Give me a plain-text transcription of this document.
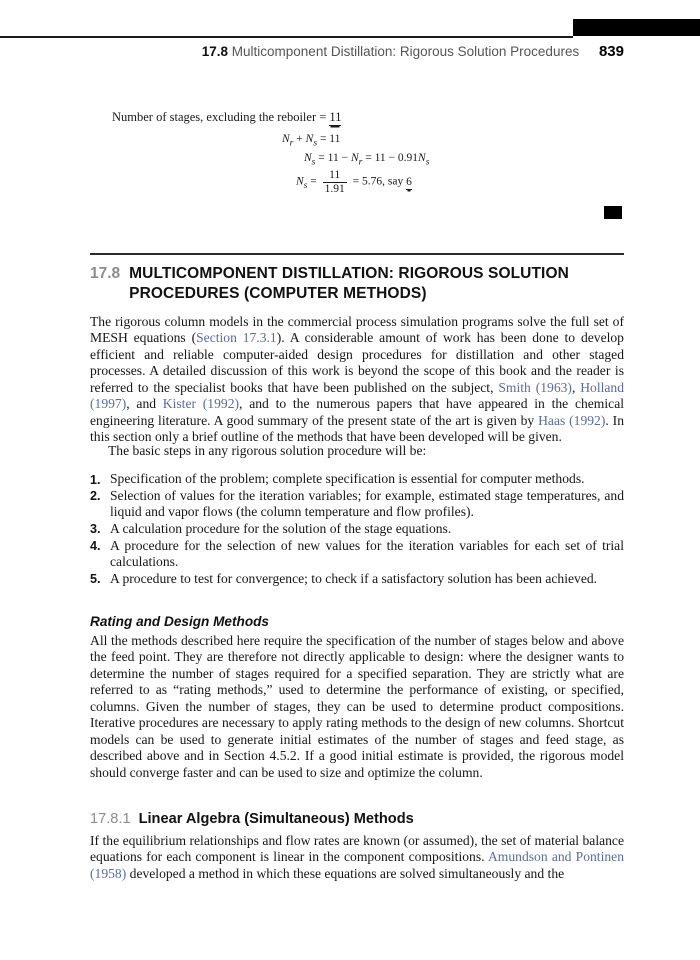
17.8 Multicomponent Distillation: Rigorous Solution Procedures 839
Number of stages, excluding the reboiler = 11
$N_r + N_s = 11$
$N_s = 11 - N_r = 11 - 0.91N_s$
$N_s = \frac{11}{1.91} = 5.76$, say 6
17.8 MULTICOMPONENT DISTILLATION: RIGOROUS SOLUTION
PROCEDURES (COMPUTER METHODS)

The rigorous column models in the commercial process simulation programs solve the full set of MESH equations (Section 17.3.1). A considerable amount of work has been done to develop efficient and reliable computer-aided design procedures for distillation and other staged processes. A detailed discussion of this work is beyond the scope of this book and the reader is referred to the specialist books that have been published on the subject, Smith (1963), Holland (1997), and Kister (1992), and to the numerous papers that have appeared in the chemical engineering literature. A good summary of the present state of the art is given by Haas (1992). In this section only a brief outline of the methods that have been developed will be given.

The basic steps in any rigorous solution procedure will be:

1. Specification of the problem; complete specification is essential for computer methods.
2. Selection of values for the iteration variables; for example, estimated stage temperatures, and liquid and vapor flows (the column temperature and flow profiles).
3. A calculation procedure for the solution of the stage equations.
4. A procedure for the selection of new values for the iteration variables for each set of trial calculations.
5. A procedure to test for convergence; to check if a satisfactory solution has been achieved.
Rating and Design Methods

All the methods described here require the specification of the number of stages below and above the feed point. They are therefore not directly applicable to design: where the designer wants to determine the number of stages required for a specified separation. They are strictly what are referred to as “rating methods,” used to determine the performance of existing, or specified, columns. Given the number of stages, they can be used to determine product compositions. Iterative procedures are necessary to apply rating methods to the design of new columns. Shortcut models can be used to generate initial estimates of the number of stages and feed stage, as described above and in Section 4.5.2. If a good initial estimate is provided, the rigorous model should converge faster and can be used to size and optimize the column.

17.8.1 Linear Algebra (Simultaneous) Methods

If the equilibrium relationships and flow rates are known (or assumed), the set of material balance equations for each component is linear in the component compositions. Amundson and Pontinen (1958) developed a method in which these equations are solved simultaneously and the
